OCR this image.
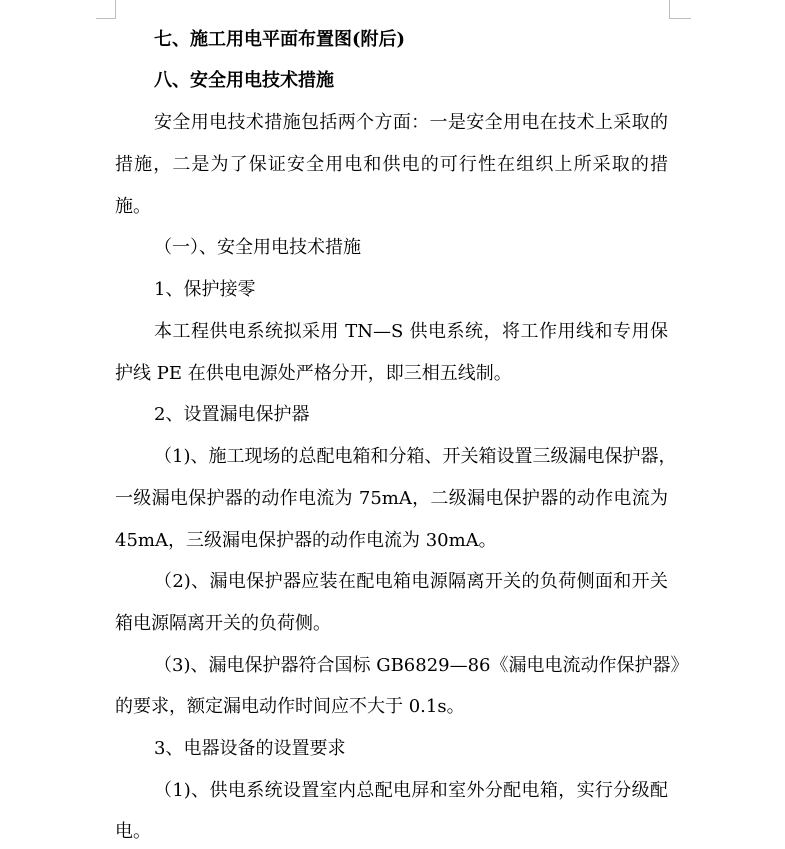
七、施工用电平面布置图(附后)
八、安全用电技术措施
安全用电技术措施包括两个方面：一是安全用电在技术上采取的
措施，二是为了保证安全用电和供电的可行性在组织上所采取的措
施。
（一）、安全用电技术措施
1、保护接零
本工程供电系统拟采用 TN—S 供电系统，将工作用线和专用保
护线 PE 在供电电源处严格分开，即三相五线制。
2、设置漏电保护器
（1)、施工现场的总配电箱和分箱、开关箱设置三级漏电保护器，
一级漏电保护器的动作电流为 75mA，二级漏电保护器的动作电流为
45mA，三级漏电保护器的动作电流为 30mA。
（2)、漏电保护器应装在配电箱电源隔离开关的负荷侧面和开关
箱电源隔离开关的负荷侧。
（3)、漏电保护器符合国标 GB6829—86《漏电电流动作保护器》
的要求，额定漏电动作时间应不大于 0.1s。
3、电器设备的设置要求
（1)、供电系统设置室内总配电屏和室外分配电箱，实行分级配
电。
